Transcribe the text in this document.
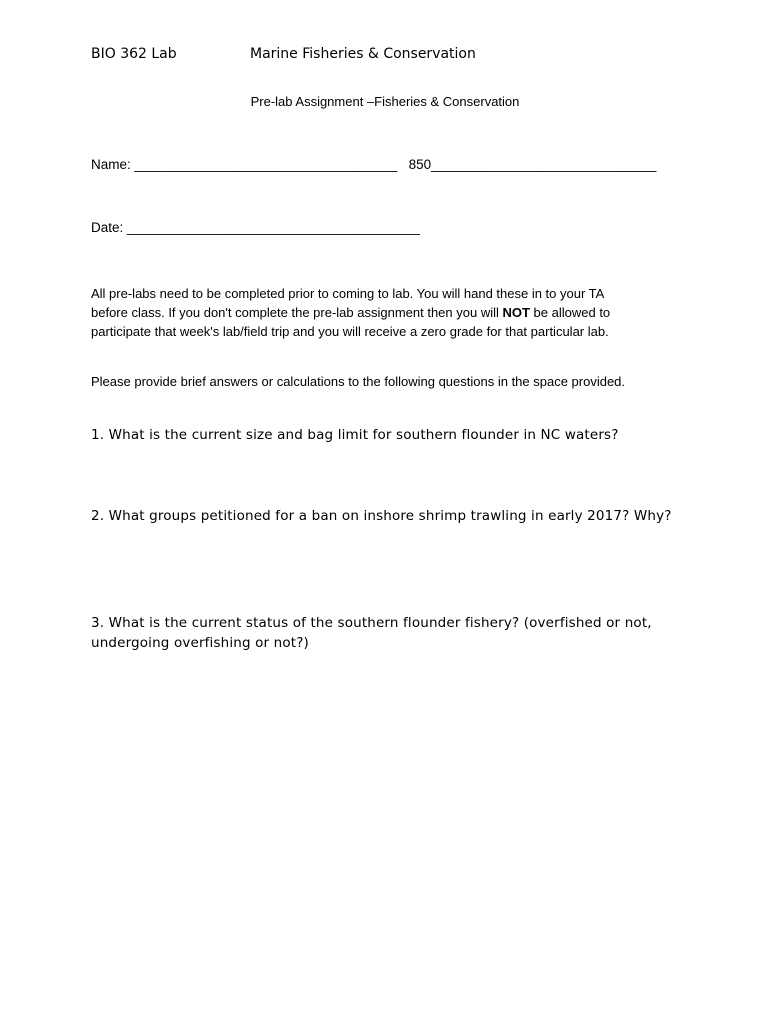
BIO 362 Lab	Marine Fisheries & Conservation
Pre-lab Assignment –Fisheries & Conservation
Name: ___________________________________ 850______________________________
Date: _______________________________________
All pre-labs need to be completed prior to coming to lab. You will hand these in to your TA
before class. If you don't complete the pre-lab assignment then you will NOT be allowed to
participate that week's lab/field trip and you will receive a zero grade for that particular lab.
Please provide brief answers or calculations to the following questions in the space provided.
1. What is the current size and bag limit for southern flounder in NC waters?
2. What groups petitioned for a ban on inshore shrimp trawling in early 2017? Why?
3. What is the current status of the southern flounder fishery? (overfished or not,
undergoing overfishing or not?)
